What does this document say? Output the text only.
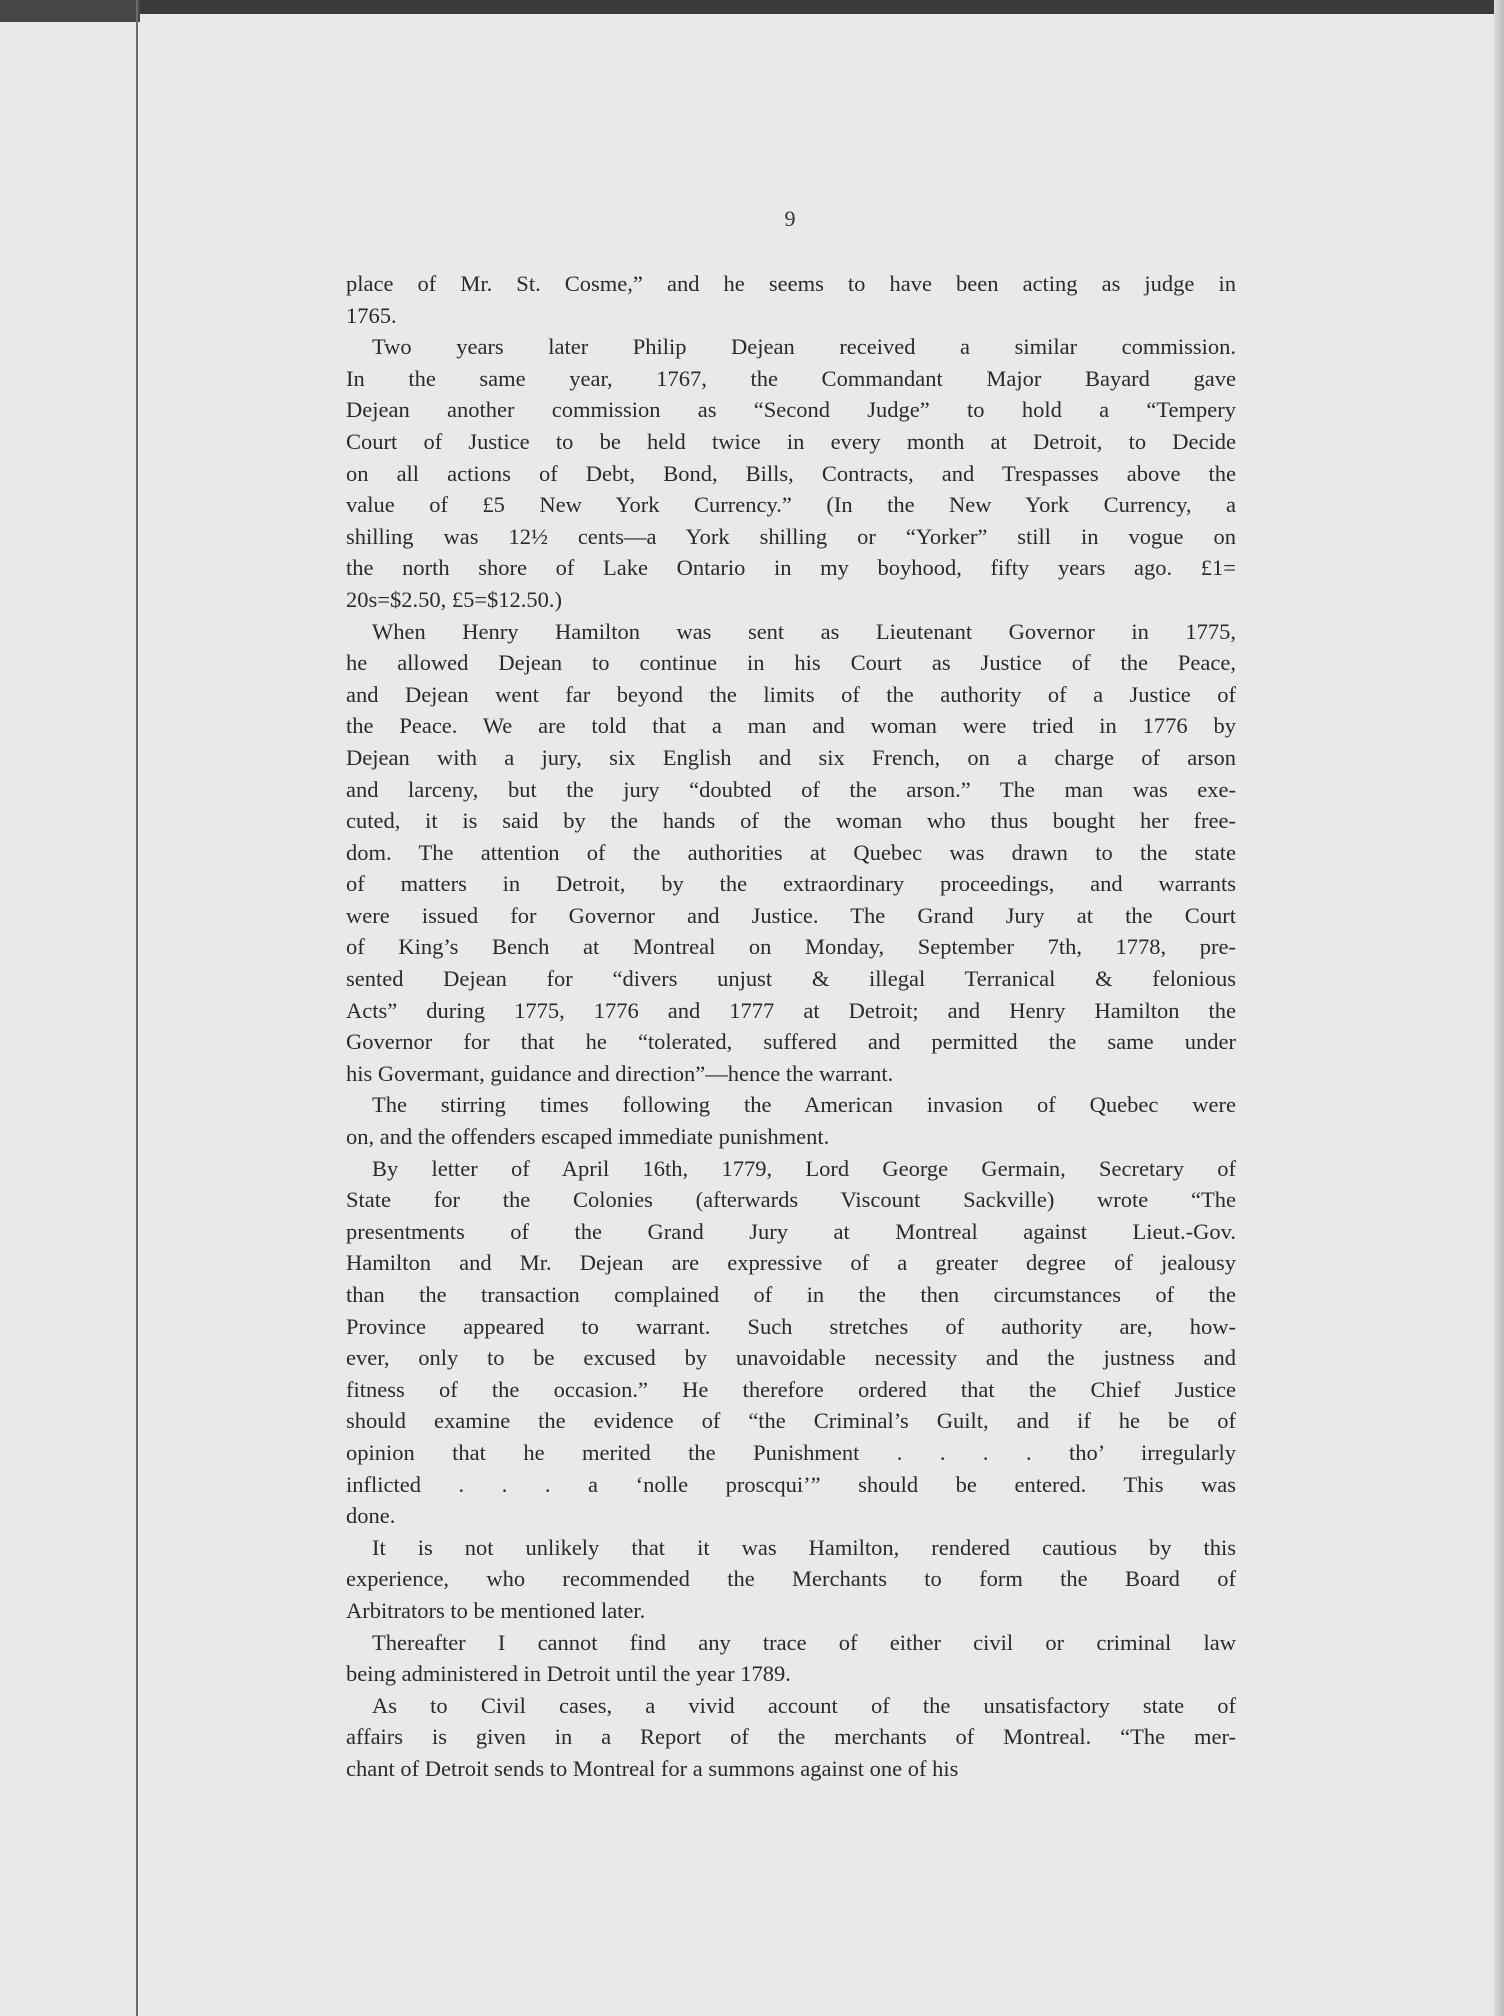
9
place of Mr. St. Cosme,” and he seems to have been acting as judge in
1765.
Two years later Philip Dejean received a similar commission.
In the same year, 1767, the Commandant Major Bayard gave
Dejean another commission as “Second Judge” to hold a “Tempery
Court of Justice to be held twice in every month at Detroit, to Decide
on all actions of Debt, Bond, Bills, Contracts, and Trespasses above the
value of £5 New York Currency.” (In the New York Currency, a
shilling was 12½ cents—a York shilling or “Yorker” still in vogue on
the north shore of Lake Ontario in my boyhood, fifty years ago. £1=
20s=$2.50, £5=$12.50.)
When Henry Hamilton was sent as Lieutenant Governor in 1775,
he allowed Dejean to continue in his Court as Justice of the Peace,
and Dejean went far beyond the limits of the authority of a Justice of
the Peace. We are told that a man and woman were tried in 1776 by
Dejean with a jury, six English and six French, on a charge of arson
and larceny, but the jury “doubted of the arson.” The man was exe-
cuted, it is said by the hands of the woman who thus bought her free-
dom. The attention of the authorities at Quebec was drawn to the state
of matters in Detroit, by the extraordinary proceedings, and warrants
were issued for Governor and Justice. The Grand Jury at the Court
of King’s Bench at Montreal on Monday, September 7th, 1778, pre-
sented Dejean for “divers unjust & illegal Terranical & felonious
Acts” during 1775, 1776 and 1777 at Detroit; and Henry Hamilton the
Governor for that he “tolerated, suffered and permitted the same under
his Govermant, guidance and direction”—hence the warrant.
The stirring times following the American invasion of Quebec were
on, and the offenders escaped immediate punishment.
By letter of April 16th, 1779, Lord George Germain, Secretary of
State for the Colonies (afterwards Viscount Sackville) wrote “The
presentments of the Grand Jury at Montreal against Lieut.-Gov.
Hamilton and Mr. Dejean are expressive of a greater degree of jealousy
than the transaction complained of in the then circumstances of the
Province appeared to warrant. Such stretches of authority are, how-
ever, only to be excused by unavoidable necessity and the justness and
fitness of the occasion.” He therefore ordered that the Chief Justice
should examine the evidence of “the Criminal’s Guilt, and if he be of
opinion that he merited the Punishment . . . . tho’ irregularly
inflicted . . . a ‘nolle proscqui’” should be entered. This was
done.
It is not unlikely that it was Hamilton, rendered cautious by this
experience, who recommended the Merchants to form the Board of
Arbitrators to be mentioned later.
Thereafter I cannot find any trace of either civil or criminal law
being administered in Detroit until the year 1789.
As to Civil cases, a vivid account of the unsatisfactory state of
affairs is given in a Report of the merchants of Montreal. “The mer-
chant of Detroit sends to Montreal for a summons against one of his
